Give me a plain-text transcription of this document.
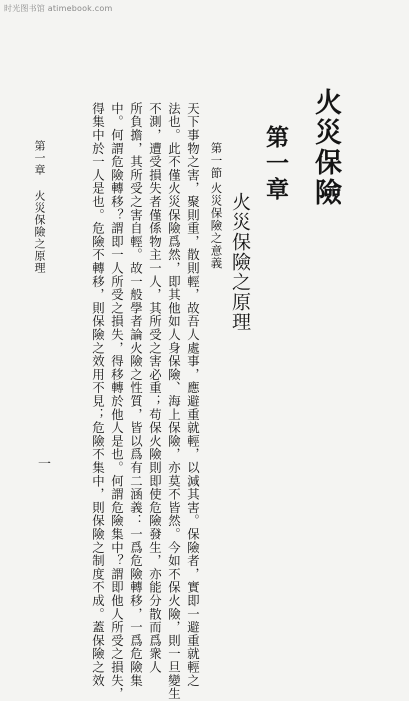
时光图书馆 atimebook.com
火災保險
第一章
火災保險之原理
第一節
火災保險之意義
天下事物之害，聚則重，散則輕，故吾人處事，應避重就輕，以減其害。保險者，實即一避重就輕之
法也。此不僅火災保險爲然，即其他如人身保險、海上保險，亦莫不皆然。今如不保火險，則一旦變生
不測，遭受損失者僅係物主一人，其所受之害必重；苟保火險則即使危險發生，亦能分散而爲衆人
所負擔，其所受之害自輕。故一般學者論火險之性質，皆以爲有二涵義：一爲危險轉移，一爲危險集
中。何謂危險轉移？謂即一人所受之損失，得移轉於他人是也。何謂危險集中？謂即他人所受之損失，
得集中於一人是也。危險不轉移，則保險之效用不見；危險不集中，則保險之制度不成。蓋保險之效
第一章
火災保險之原理
一
